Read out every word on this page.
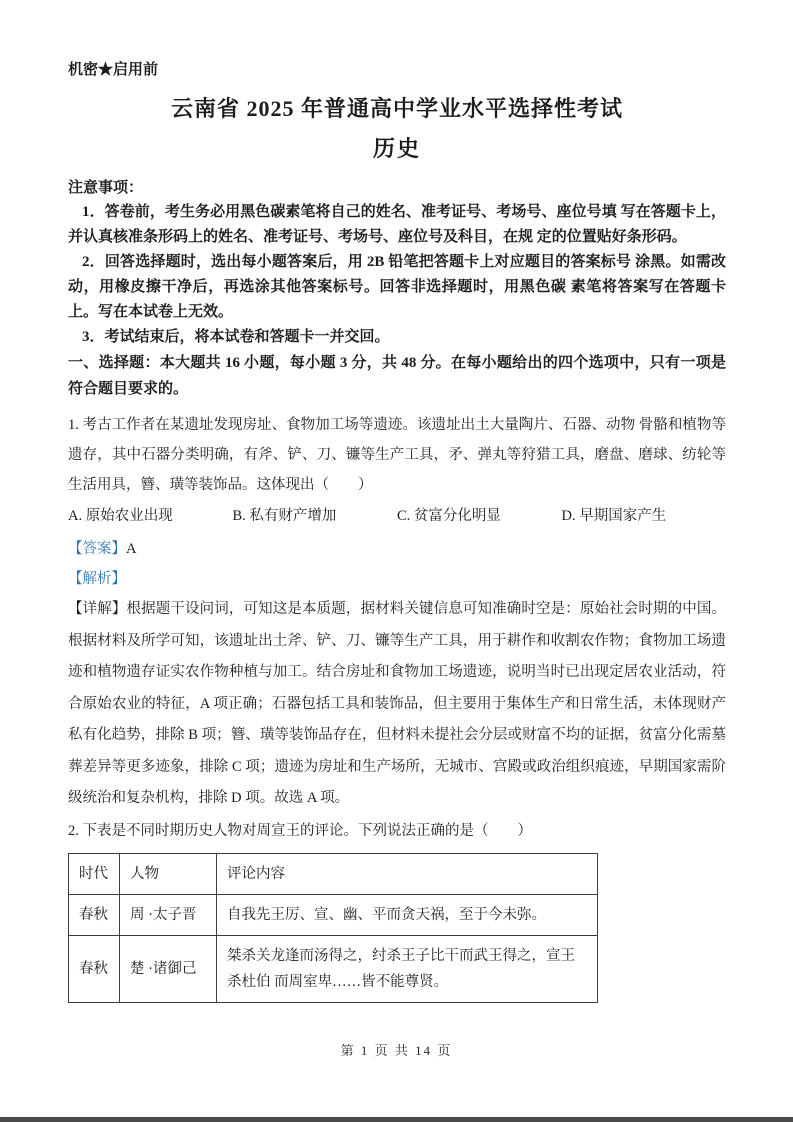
机密★启用前
云南省 2025 年普通高中学业水平选择性考试
历史
注意事项：
1．答卷前，考生务必用黑色碳素笔将自己的姓名、准考证号、考场号、座位号填 写在答题卡上，并认真核准条形码上的姓名、准考证号、考场号、座位号及科目，在规 定的位置贴好条形码。
2．回答选择题时，选出每小题答案后，用 2B 铅笔把答题卡上对应题目的答案标号 涂黑。如需改动，用橡皮擦干净后，再选涂其他答案标号。回答非选择题时，用黑色碳 素笔将答案写在答题卡上。写在本试卷上无效。
3．考试结束后，将本试卷和答题卡一并交回。
一、选择题：本大题共 16 小题，每小题 3 分，共 48 分。在每小题给出的四个选项中，只有一项是符合题目要求的。
1. 考古工作者在某遗址发现房址、食物加工场等遗迹。该遗址出土大量陶片、石器、动物 骨骼和植物等遗存，其中石器分类明确，有斧、铲、刀、镰等生产工具，矛、弹丸等狩猎工具，磨盘、磨球、纺轮等生活用具，簪、璜等装饰品。这体现出（　　）
A. 原始农业出现	B. 私有财产增加	C. 贫富分化明显	D. 早期国家产生
【答案】A
【解析】
【详解】根据题干设问词，可知这是本质题，据材料关键信息可知准确时空是：原始社会时期的中国。根据材料及所学可知，该遗址出土斧、铲、刀、镰等生产工具，用于耕作和收割农作物；食物加工场遗迹和植物遗存证实农作物种植与加工。结合房址和食物加工场遗迹，说明当时已出现定居农业活动，符合原始农业的特征，A 项正确；石器包括工具和装饰品，但主要用于集体生产和日常生活，未体现财产私有化趋势，排除 B 项；簪、璜等装饰品存在，但材料未提社会分层或财富不均的证据，贫富分化需墓葬差异等更多迹象，排除 C 项；遗迹为房址和生产场所，无城市、宫殿或政治组织痕迹，早期国家需阶级统治和复杂机构，排除 D 项。故选 A 项。
2. 下表是不同时期历史人物对周宣王的评论。下列说法正确的是（　　）
时代	人物	评论内容
春秋	周 ·太子晋	自我先王厉、宣、幽、平而贪天祸，至于今未弥。
春秋	楚 ·诸御己	桀杀关龙逢而汤得之，纣杀王子比干而武王得之，宣王杀杜伯 而周室卑……皆不能尊贤。
第 1 页 共 14 页
